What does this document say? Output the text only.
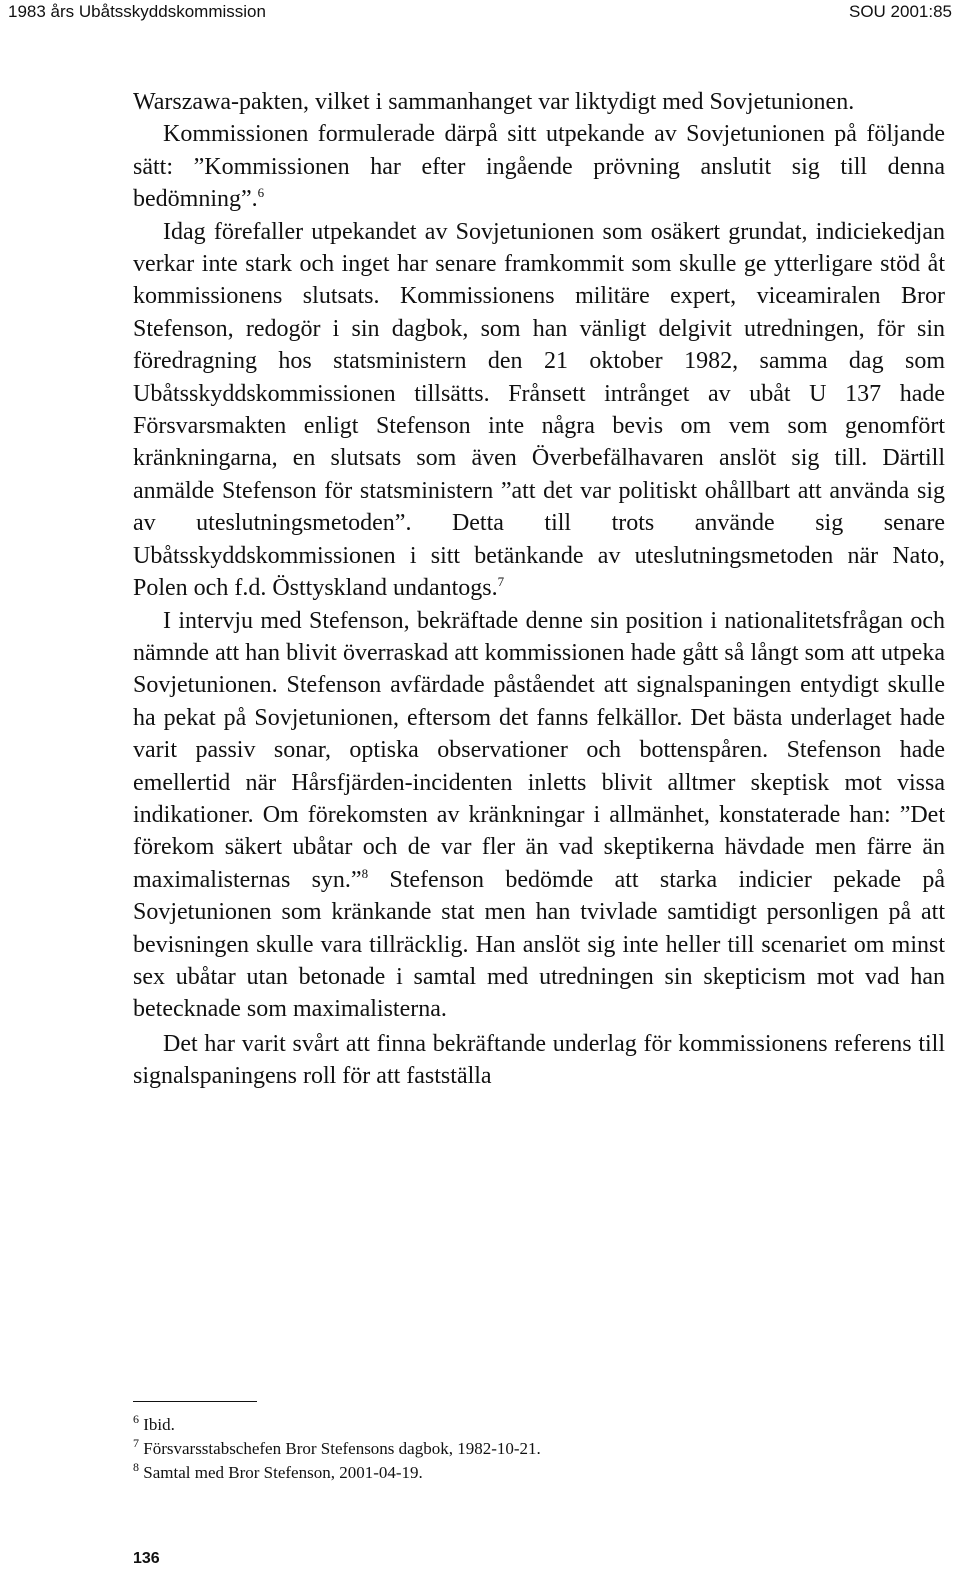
1983 års Ubåtsskyddskommission	SOU 2001:85

Warszawa-pakten, vilket i sammanhanget var liktydigt med Sovjetunionen.

Kommissionen formulerade därpå sitt utpekande av Sovjetunionen på följande sätt: ”Kommissionen har efter ingående prövning anslutit sig till denna bedömning”.$^6$

Idag förefaller utpekandet av Sovjetunionen som osäkert grundat, indiciekedjan verkar inte stark och inget har senare framkommit som skulle ge ytterligare stöd åt kommissionens slutsats. Kommissionens militäre expert, viceamiralen Bror Stefenson, redogör i sin dagbok, som han vänligt delgivit utredningen, för sin föredragning hos statsministern den 21 oktober 1982, samma dag som Ubåtsskyddskommissionen tillsätts. Frånsett intrånget av ubåt U 137 hade Försvarsmakten enligt Stefenson inte några bevis om vem som genomfört kränkningarna, en slutsats som även Överbefälhavaren anslöt sig till. Därtill anmälde Stefenson för statsministern ”att det var politiskt ohållbart att använda sig av uteslutningsmetoden”. Detta till trots använde sig senare Ubåtsskyddskommissionen i sitt betänkande av uteslutningsmetoden när Nato, Polen och f.d. Östtyskland undantogs.$^7$

I intervju med Stefenson, bekräftade denne sin position i nationalitetsfrågan och nämnde att han blivit överraskad att kommissionen hade gått så långt som att utpeka Sovjetunionen. Stefenson avfärdade påståendet att signalspaningen entydigt skulle ha pekat på Sovjetunionen, eftersom det fanns felkällor. Det bästa underlaget hade varit passiv sonar, optiska observationer och bottenspåren. Stefenson hade emellertid när Hårsfjärden-incidenten inletts blivit alltmer skeptisk mot vissa indikationer. Om förekomsten av kränkningar i allmänhet, konstaterade han: ”Det förekom säkert ubåtar och de var fler än vad skeptikerna hävdade men färre än maximalisternas syn.”$^8$ Stefenson bedömde att starka indicier pekade på Sovjetunionen som kränkande stat men han tvivlade samtidigt personligen på att bevisningen skulle vara tillräcklig. Han anslöt sig inte heller till scenariet om minst sex ubåtar utan betonade i samtal med utredningen sin skepticism mot vad han betecknade som maximalisterna.

Det har varit svårt att finna bekräftande underlag för kommissionens referens till signalspaningens roll för att fastställa

$^6$ Ibid.
$^7$ Försvarsstabschefen Bror Stefensons dagbok, 1982-10-21.
$^8$ Samtal med Bror Stefenson, 2001-04-19.
136
